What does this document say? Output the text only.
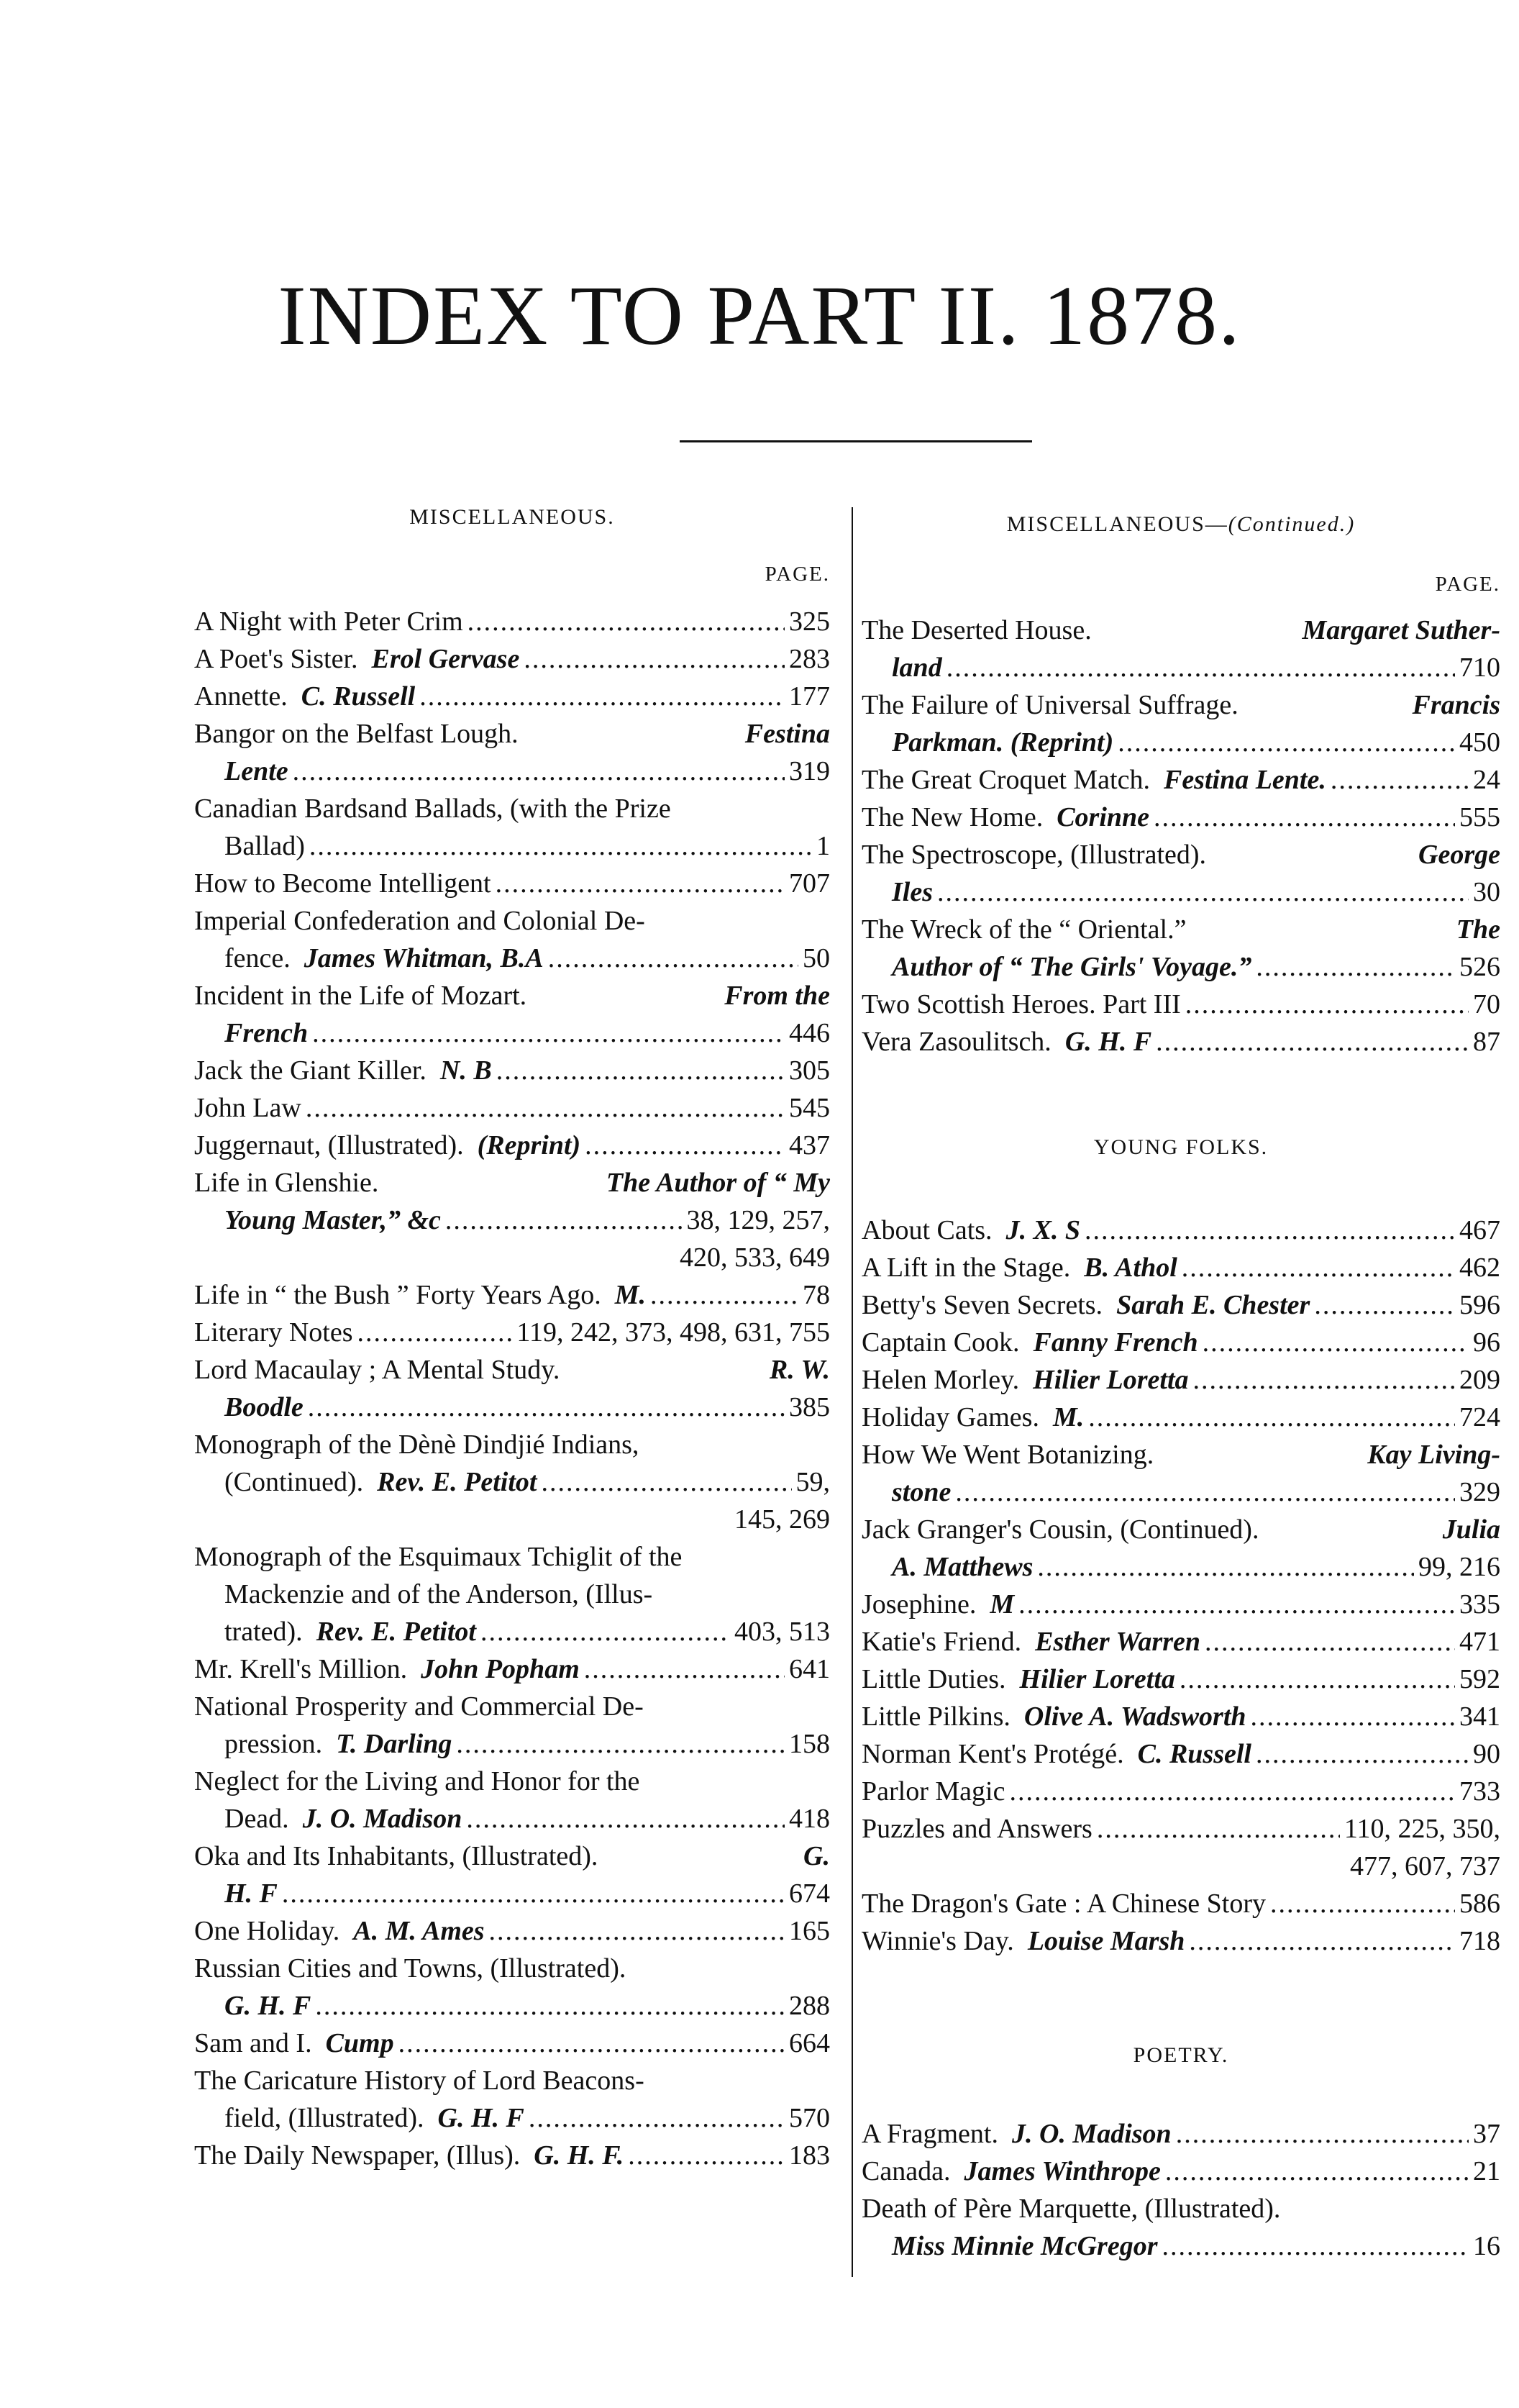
INDEX TO PART II. 1878.
MISCELLANEOUS.
PAGE.
A Night with Peter Crim .....	325
A Poet's Sister.
  Erol Gervase .....	283
Annette.
  C. Russell .....	177
Bangor on the Belfast Lough.
 	Festina
Lente .....	319
Canadian Bardsand Ballads, (with the Prize
Ballad) .....	1
How to Become Intelligent .....	707
Imperial Confederation and Colonial De-
fence.
  James Whitman, B.A .....	50
Incident in the Life of Mozart.
 	From the
French .....	446
Jack the Giant Killer.
  N. B .....	305
John Law .....	545
Juggernaut, (Illustrated).
  (Reprint) .....	437
Life in Glenshie.
 	The Author of “ My
Young Master,” &c .....	38, 129, 257,
420, 533, 649
Life in “ the Bush ” Forty Years Ago.
  M. .....	78
Literary Notes .....	119, 242, 373, 498, 631, 755
Lord Macaulay ; A Mental Study.
 	R. W.
Boodle .....	385
Monograph of the Dènè Dindjié Indians,
(Continued).
  Rev. E. Petitot .....	59,
145, 269
Monograph of the Esquimaux Tchiglit of the
Mackenzie and of the Anderson, (Illus-
trated).
  Rev. E. Petitot .....	403, 513
Mr. Krell's Million.
  John Popham .....	641
National Prosperity and Commercial De-
pression.
  T. Darling .....	158
Neglect for the Living and Honor for the
Dead.
  J. O. Madison .....	418
Oka and Its Inhabitants, (Illustrated).
 	G.
H. F .....	674
One Holiday.
  A. M. Ames .....	165
Russian Cities and Towns, (Illustrated).
G. H. F .....	288
Sam and I.
  Cump .....	664
The Caricature History of Lord Beacons-
field, (Illustrated).
  G. H. F .....	570
The Daily Newspaper, (Illus).
  G. H. F. .....	183
MISCELLANEOUS—(Continued.)
PAGE.
The Deserted House.
 	Margaret Suther-
land .....	710
The Failure of Universal Suffrage.
 	Francis
Parkman. (Reprint) .....	450
The Great Croquet Match.
  Festina Lente. .....	24
The New Home.
  Corinne .....	555
The Spectroscope, (Illustrated).
 	George
Iles .....	30
The Wreck of the “ Oriental.”
 	The
Author of “ The Girls' Voyage.” .....	526
Two Scottish Heroes. Part III .....	70
Vera Zasoulitsch.
  G. H. F .....	87
YOUNG FOLKS.
About Cats.
  J. X. S .....	467
A Lift in the Stage.
  B. Athol .....	462
Betty's Seven Secrets.
  Sarah E. Chester .....	596
Captain Cook.
  Fanny French .....	96
Helen Morley.
  Hilier Loretta .....	209
Holiday Games.
  M. .....	724
How We Went Botanizing.
 	Kay Living-
stone .....	329
Jack Granger's Cousin, (Continued).
 	Julia
A. Matthews .....	99, 216
Josephine.
  M .....	335
Katie's Friend.
  Esther Warren .....	471
Little Duties.
  Hilier Loretta .....	592
Little Pilkins.
  Olive A. Wadsworth .....	341
Norman Kent's Protégé.
  C. Russell .....	90
Parlor Magic .....	733
Puzzles and Answers .....	110, 225, 350,
477, 607, 737
The Dragon's Gate : A Chinese Story .....	586
Winnie's Day.
  Louise Marsh .....	718
POETRY.
A Fragment.
  J. O. Madison .....	37
Canada.
  James Winthrope .....	21
Death of Père Marquette, (Illustrated).
Miss Minnie McGregor .....	16
